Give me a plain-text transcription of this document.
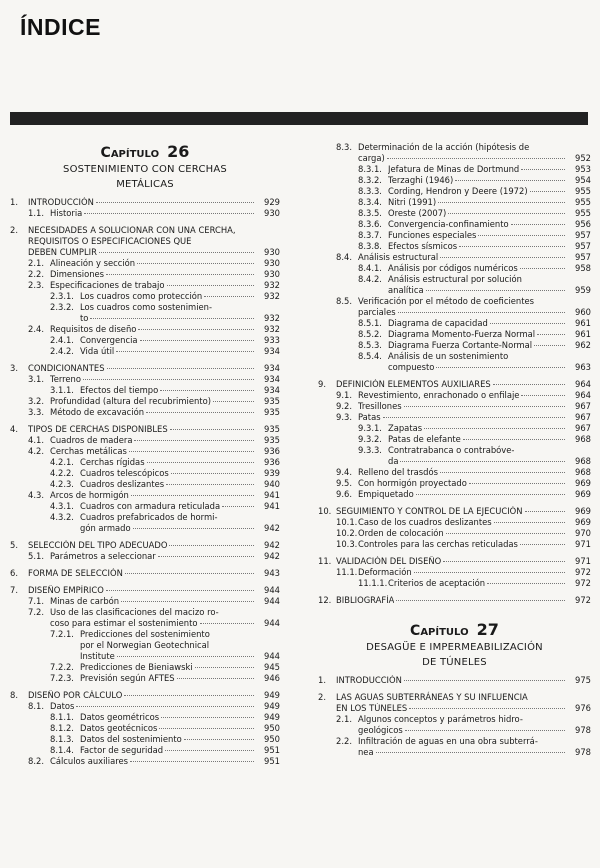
ÍNDICE
Capítulo 26
SOSTENIMIENTO CON CERCHAS
METÁLICAS
1.	INTRODUCCIÓN	929
1.1. Historia	930
2.	NECESIDADES A SOLUCIONAR CON UNA CERCHA, REQUISITOS O ESPECIFICACIONES QUE
DEBEN CUMPLIR	930
2.1. Alineación y sección	930
2.2. Dimensiones	930
2.3. Especificaciones de trabajo	932
2.3.1. Los cuadros como protección	932
2.3.2. Los cuadros como sostenimien-
to	932
2.4. Requisitos de diseño	932
2.4.1. Convergencia	933
2.4.2. Vida útil	934
3.	CONDICIONANTES	934
3.1. Terreno	934
3.1.1. Efectos del tiempo	934
3.2. Profundidad (altura del recubrimiento)	935
3.3. Método de excavación	935
4.	TIPOS DE CERCHAS DISPONIBLES	935
4.1. Cuadros de madera	935
4.2. Cerchas metálicas	936
4.2.1. Cerchas rígidas	936
4.2.2. Cuadros telescópicos	939
4.2.3. Cuadros deslizantes	940
4.3. Arcos de hormigón	941
4.3.1. Cuadros con armadura reticulada	941
4.3.2. Cuadros prefabricados de hormi-
gón armado	942
5.	SELECCIÓN DEL TIPO ADECUADO	942
5.1. Parámetros a seleccionar	942
6.	FORMA DE SELECCIÓN	943
7.	DISEÑO EMPÍRICO	944
7.1. Minas de carbón	944
7.2. Uso de las clasificaciones del macizo ro-
coso para estimar el sostenimiento	944
7.2.1. Predicciones del sostenimiento
por el Norwegian Geotechnical
Institute	944
7.2.2. Predicciones de Bieniawski	945
7.2.3. Previsión según AFTES	946
8.	DISEÑO POR CÁLCULO	949
8.1. Datos	949
8.1.1. Datos geométricos	949
8.1.2. Datos geotécnicos	950
8.1.3. Datos del sostenimiento	950
8.1.4. Factor de seguridad	951
8.2. Cálculos auxiliares	951
8.3. Determinación de la acción (hipótesis de
carga)	952
8.3.1. Jefatura de Minas de Dortmund	953
8.3.2. Terzaghi (1946)	954
8.3.3. Cording, Hendron y Deere (1972)	955
8.3.4. Nitri (1991)	955
8.3.5. Oreste (2007)	955
8.3.6. Convergencia-confinamiento	956
8.3.7. Funciones especiales	957
8.3.8. Efectos sísmicos	957
8.4. Análisis estructural	957
8.4.1. Análisis por códigos numéricos	958
8.4.2. Análisis estructural por solución
analítica	959
8.5. Verificación por el método de coeficientes
parciales	960
8.5.1. Diagrama de capacidad	961
8.5.2. Diagrama Momento-Fuerza Normal	961
8.5.3. Diagrama Fuerza Cortante-Normal	962
8.5.4. Análisis de un sostenimiento
compuesto	963
9.	DEFINICIÓN ELEMENTOS AUXILIARES	964
9.1. Revestimiento, enrachonado o enfilaje	964
9.2. Tresillones	967
9.3. Patas	967
9.3.1. Zapatas	967
9.3.2. Patas de elefante	968
9.3.3. Contratrabanca o contrabóve-
da	968
9.4. Relleno del trasdós	968
9.5. Con hormigón proyectado	969
9.6. Empiquetado	969
10. SEGUIMIENTO Y CONTROL DE LA EJECUCIÓN	969
10.1. Caso de los cuadros deslizantes	969
10.2. Orden de colocación	970
10.3. Controles para las cerchas reticuladas	971
11. VALIDACIÓN DEL DISEÑO	971
11.1. Deformación	972
11.1.1. Criterios de aceptación	972
12. BIBLIOGRAFÍA	972
Capítulo 27
DESAGÜE E IMPERMEABILIZACIÓN
DE TÚNELES
1.	INTRODUCCIÓN	975
2.	LAS AGUAS SUBTERRÁNEAS Y SU INFLUENCIA
EN LOS TÚNELES	976
2.1. Algunos conceptos y parámetros hidro-
geológicos	978
2.2. Infiltración de aguas en una obra subterrá-
nea	978
